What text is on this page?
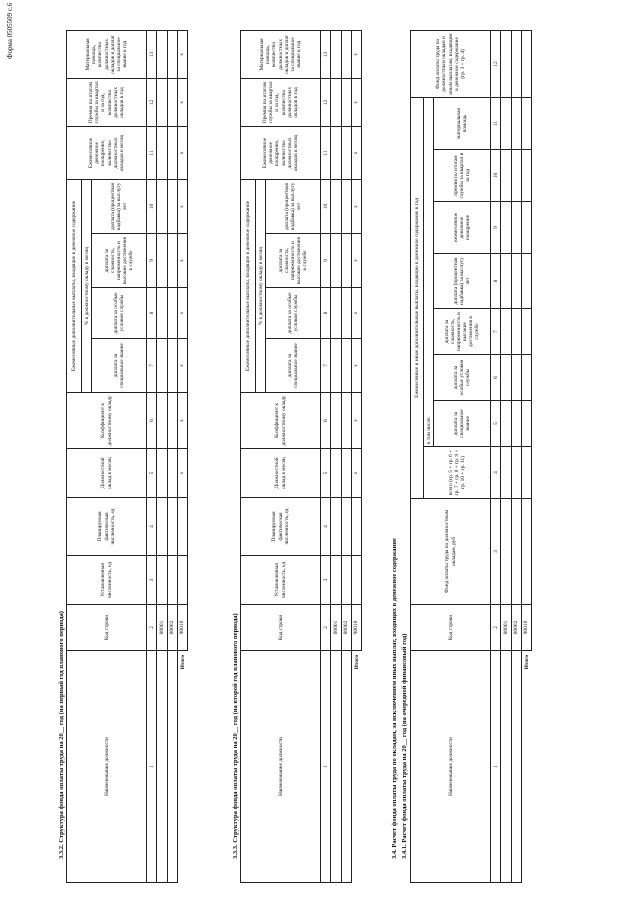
Форма 0505509 с.6
3.3.2. Структура фонда оплаты труда на 20__ год (на первый год планового периода)	Наименование должности	Код строки	Установленная численность, ед	Планируемая фактическая численность, ед	Должностной оклад в месяц	Коэффициент к должностному окладу	Ежемесячные дополнительные выплаты, входящие в денежное содержание				Ежемесячное денежное поощрение, количество должностных окладов в месяц	Премия по итогам службы за квартал и за год, количество должностных окладов в год	Материальная помощь, количество должностных окладов и доплат за специальное звание в год
						% к должностному окладу в месяц						
						доплата за специальное звание	доплата за особые условия службы	доплата за сложность, напряженность и высокие достижения в службе	доплата (процентная надбавка) за выслугу лет			
1	2	3	4	5	6	7	8	9	10	11	12	13
	00001											
	00002											
Итого	90010			х	х	х	х	х	х	х	х	х
3.3.3. Структура фонда оплаты труда на 20__ год (на второй год планового периода)	Наименование должности	Код строки	Установленная численность, ед	Планируемая фактическая численность, ед	Должностной оклад в месяц	Коэффициент к должностному окладу	Ежемесячные дополнительные выплаты, входящие в денежное содержание				Ежемесячное денежное поощрение, количество должностных окладов в месяц	Премия по итогам службы за квартал и за год, количество должностных окладов в год	Материальная помощь, количество должностных окладов и доплат за специальное звание в год
						% к должностному окладу в месяц						
						доплата за специальное звание	доплата за особые условия службы	доплата за сложность, напряженность и высокие достижения в службе	доплата (процентная надбавка) за выслугу лет			
1	2	3	4	5	6	7	8	9	10	11	12	13
	00001											
	00002											
Итого	90010			х	х	х	х	х	х	х	х	х
3.4. Расчет фонда оплаты труда по окладам, за исключением иных выплат, входящих в денежное содержание 3.4.1. Расчет фонда оплаты труда на 20__ год (на очередной финансовый год)	Наименование должности	Код строки	Фонд оплаты труда по должностным окладам, руб	Ежемесячные и иные дополнительные выплаты, входящие в денежное содержание в год								Фонд оплаты труда по должностным окладам и иным выплатам, входящим в денежное содержание (гр. 3 + гр. 4)
			всего (гр. 5 + гр. 6 + гр. 7 + гр. 8 + гр. 9 + гр. 10 + гр. 11)	в том числе:							
				доплата за специальное звание	доплата за особые условия службы	доплата за сложность, напряженность и высокие достижения в службе	доплата (процентная надбавка) за выслугу лет	ежемесячное денежное поощрение	премия по итогам службы за квартал и за год	материальная помощь	
1	2	3	4	5	6	7	8	9	10	11	12
	00001										
	00002										
Итого	90010										
